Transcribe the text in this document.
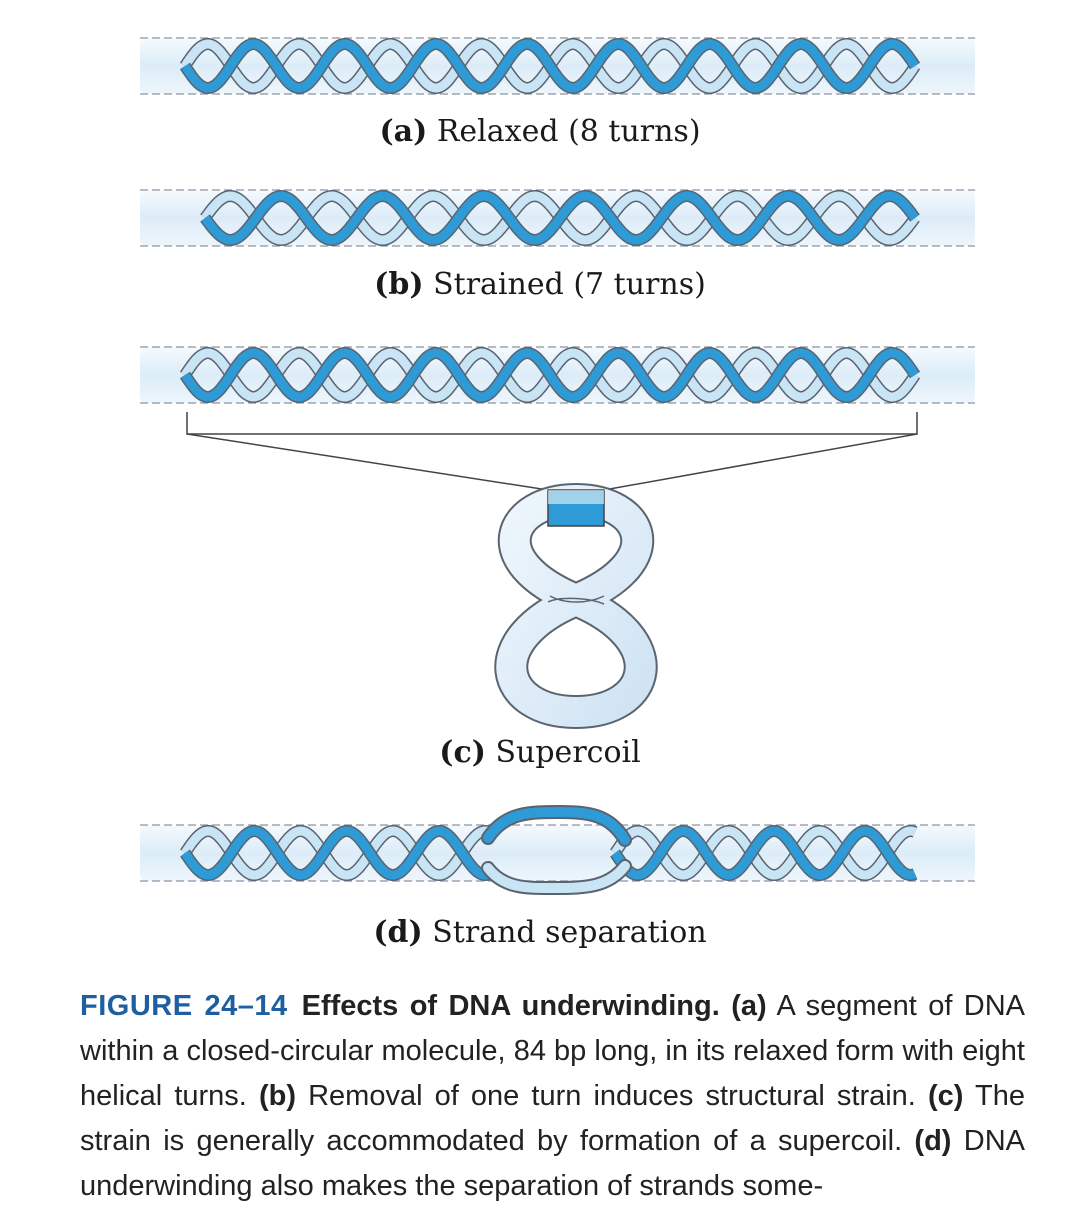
(a) Relaxed (8 turns)
(b) Strained (7 turns)
(c) Supercoil
(d) Strand separation
FIGURE 24–14 Effects of DNA underwinding. (a) A segment of DNA within a closed-circular molecule, 84 bp long, in its relaxed form with eight helical turns. (b) Removal of one turn induces structural strain. (c) The strain is generally accommodated by formation of a supercoil. (d) DNA underwinding also makes the separation of strands some-
